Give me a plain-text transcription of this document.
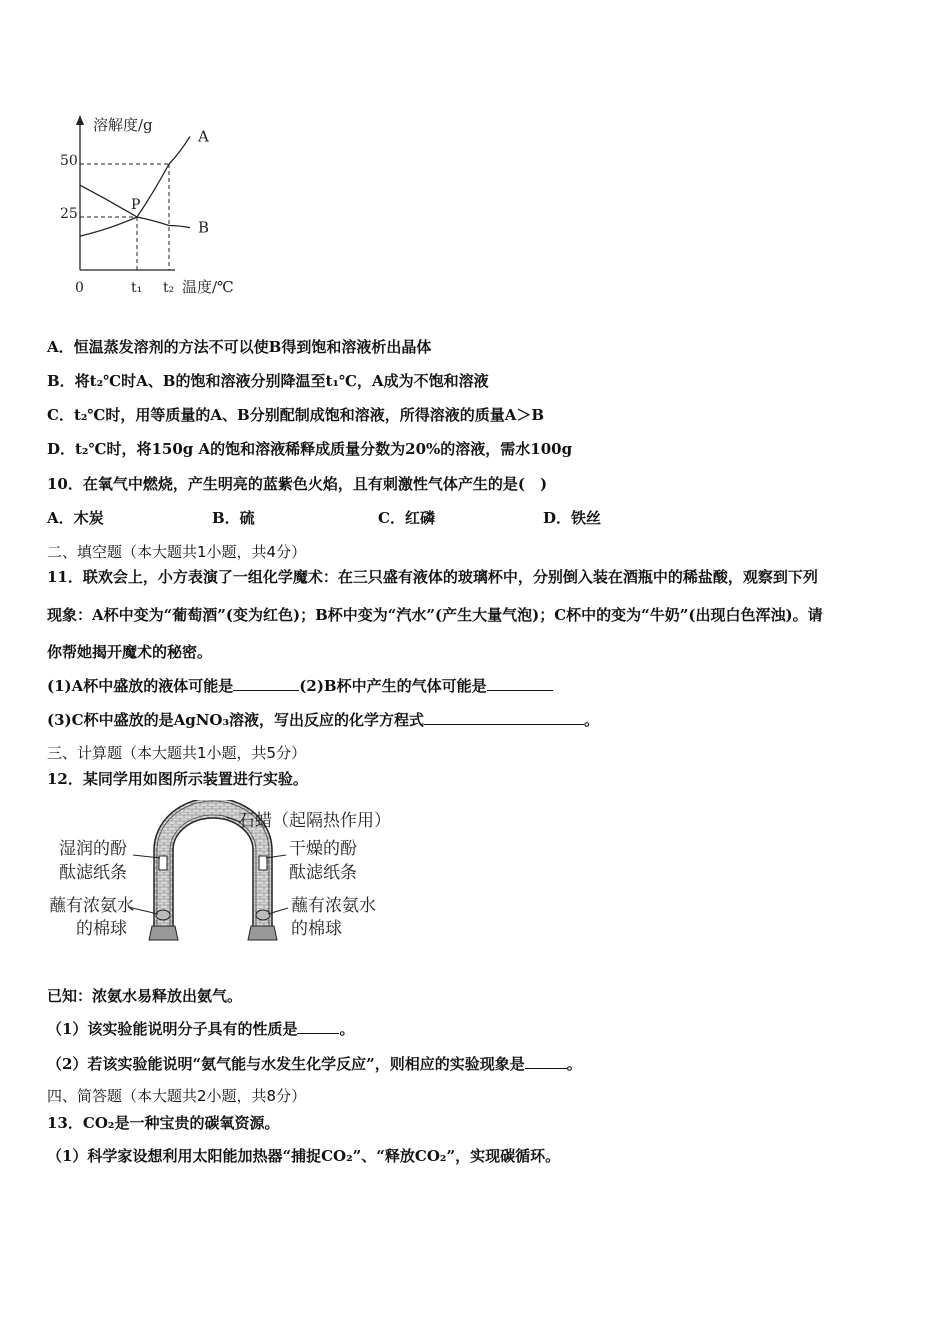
溶解度/g
0
50
25
t₁ t₂ 温度/℃
A
B
P
A．恒温蒸发溶剂的方法不可以使B得到饱和溶液析出晶体
B．将t₂℃时A、B的饱和溶液分别降温至t₁℃，A成为不饱和溶液
C．t₂℃时，用等质量的A、B分别配制成饱和溶液，所得溶液的质量A＞B
D．t₂℃时，将150g A的饱和溶液稀释成质量分数为20%的溶液，需水100g
10．在氧气中燃烧，产生明亮的蓝紫色火焰，且有刺激性气体产生的是(　)
A．木炭	B．硫	C．红磷	D．铁丝
二、填空题（本大题共1小题，共4分）
11．联欢会上，小方表演了一组化学魔术：在三只盛有液体的玻璃杯中，分别倒入装在酒瓶中的稀盐酸，观察到下列
现象：A杯中变为“葡萄酒”(变为红色)；B杯中变为“汽水”(产生大量气泡)；C杯中的变为“牛奶”(出现白色浑浊)。请
你帮她揭开魔术的秘密。
(1)A杯中盛放的液体可能是	(2)B杯中产生的气体可能是
(3)C杯中盛放的是AgNO₃溶液，写出反应的化学方程式	。
三、计算题（本大题共1小题，共5分）
12．某同学用如图所示装置进行实验。
石蜡（起隔热作用）
湿润的酚
酞滤纸条
干燥的酚
酞滤纸条
蘸有浓氨水
的棉球
蘸有浓氨水
的棉球
已知：浓氨水易释放出氨气。
（1）该实验能说明分子具有的性质是	。
（2）若该实验能说明“氨气能与水发生化学反应”，则相应的实验现象是	。
四、简答题（本大题共2小题，共8分）
13．CO₂是一种宝贵的碳氧资源。
（1）科学家设想利用太阳能加热器“捕捉CO₂”、“释放CO₂”，实现碳循环。
